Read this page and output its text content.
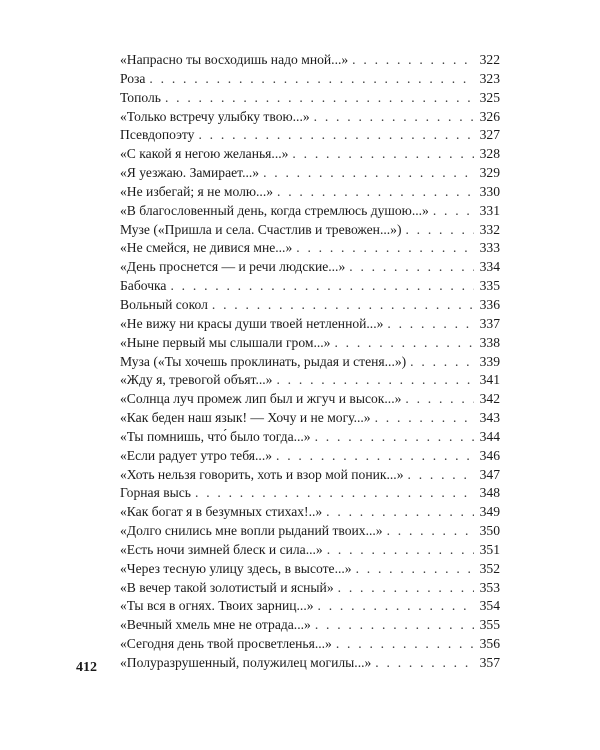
412
«Напрасно ты восходишь надо мной...» . . .	322
Роза . . .	323
Тополь . . .	325
«Только встречу улыбку твою...» . . .	326
Псевдопоэту . . .	327
«С какой я негою желанья...» . . .	328
«Я уезжаю. Замирает...» . . .	329
«Не избегай; я не молю...» . . .	330
«В благословенный день, когда стремлюсь душою...» . . .	331
Музе («Пришла и села. Счастлив и тревожен...») . . .	332
«Не смейся, не дивися мне...» . . .	333
«День проснется — и речи людские...» . . .	334
Бабочка . . .	335
Вольный сокол . . .	336
«Не вижу ни красы души твоей нетленной...» . . .	337
«Ныне первый мы слышали гром...» . . .	338
Муза («Ты хочешь проклинать, рыдая и стеня...») . . .	339
«Жду я, тревогой объят...» . . .	341
«Солнца луч промеж лип был и жгуч и высок...» . . .	342
«Как беден наш язык! — Хочу и не могу...» . . .	343
«Ты помнишь, что́ было тогда...» . . .	344
«Если радует утро тебя...» . . .	346
«Хоть нельзя говорить, хоть и взор мой поник...» . . .	347
Горная высь . . .	348
«Как богат я в безумных стихах!..» . . .	349
«Долго снились мне вопли рыданий твоих...» . . .	350
«Есть ночи зимней блеск и сила...» . . .	351
«Через тесную улицу здесь, в высоте...» . . .	352
«В вечер такой золотистый и ясный» . . .	353
«Ты вся в огнях. Твоих зарниц...» . . .	354
«Вечный хмель мне не отрада...» . . .	355
«Сегодня день твой просветленья...» . . .	356
«Полуразрушенный, полужилец могилы...» . . .	357
